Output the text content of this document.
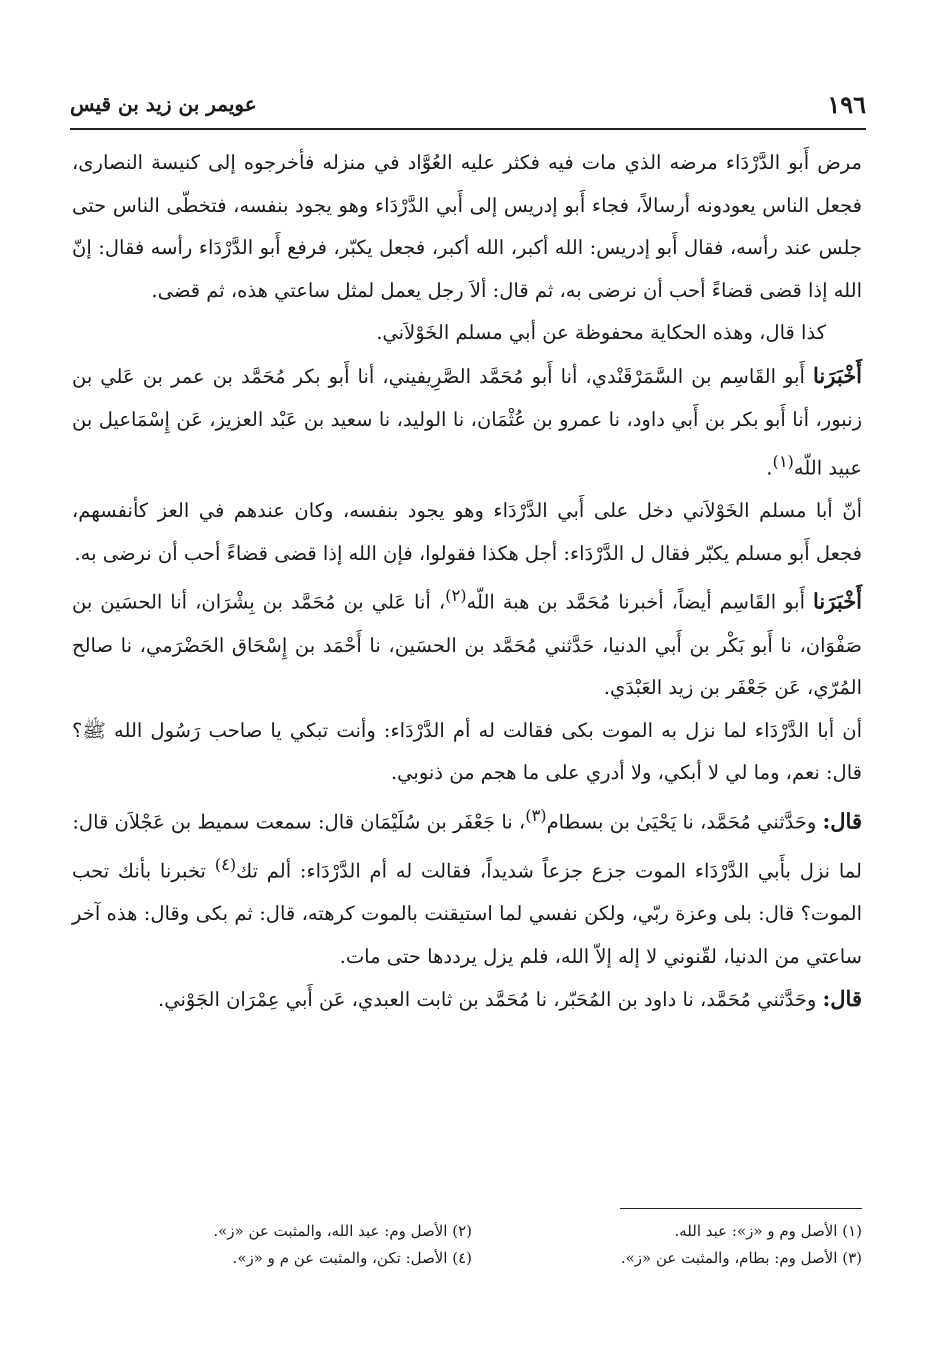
١٩٦
عويمر بن زيد بن قيس

مرض أَبو الدَّرْدَاء مرضه الذي مات فيه فكثر عليه العُوَّاد في منزله فأخرجوه إلى كنيسة النصارى، فجعل الناس يعودونه أرسالاً، فجاء أَبو إدريس إلى أَبي الدَّرْدَاء وهو يجود بنفسه، فتخطّى الناس حتى جلس عند رأسه، فقال أَبو إدريس: الله أكبر، الله أكبر، فجعل يكبّر، فرفع أَبو الدَّرْدَاء رأسه فقال: إنّ الله إذا قضى قضاءً أحب أن نرضى به، ثم قال: ألاَ رجل يعمل لمثل ساعتي هذه، ثم قضى.

كذا قال، وهذه الحكاية محفوظة عن أبي مسلم الخَوْلاَني.

أَخْبَرَنا أَبو القَاسِم بن السَّمَرْقَنْدي، أنا أَبو مُحَمَّد الصَّرِيفيني، أنا أَبو بكر مُحَمَّد بن عمر بن عَلي بن زنبور، أنا أَبو بكر بن أَبي داود، نا عمرو بن عُثْمَان، نا الوليد، نا سعيد بن عَبْد العزيز، عَن إِسْمَاعيل بن عبيد اللّه$^{(١)}$.

أنّ أبا مسلم الخَوْلاَني دخل على أَبي الدَّرْدَاء وهو يجود بنفسه، وكان عندهم في العز كأنفسهم، فجعل أَبو مسلم يكبّر فقال ل الدَّرْدَاء: أجل هكذا فقولوا، فإن الله إذا قضى قضاءً أحب أن نرضى به.

أَخْبَرَنا أَبو القَاسِم أيضاً، أخبرنا مُحَمَّد بن هبة اللّه$^{(٢)}$، أنا عَلي بن مُحَمَّد بن بِشْرَان، أنا الحسَين بن صَفْوَان، نا أَبو بَكْر بن أَبي الدنيا، حَدَّثني مُحَمَّد بن الحسَين، نا أَحْمَد بن إِسْحَاق الحَضْرَمي، نا صالح المُرّي، عَن جَعْفَر بن زيد العَبْدَي.

أن أبا الدَّرْدَاء لما نزل به الموت بكى فقالت له أم الدَّرْدَاء: وأنت تبكي يا صاحب رَسُول الله ﷺ؟ قال: نعم، وما لي لا أبكي، ولا أدري على ما هجم من ذنوبي.

قال: وحَدَّثني مُحَمَّد، نا يَحْيَىٰ بن بسطام$^{(٣)}$، نا جَعْفَر بن سُلَيْمَان قال: سمعت سميط بن عَجْلاَن قال:

لما نزل بأَبي الدَّرْدَاء الموت جزع جزعاً شديداً، فقالت له أم الدَّرْدَاء: ألم تك$^{(٤)}$ تخبرنا بأنك تحب الموت؟ قال: بلى وعزة ربّي، ولكن نفسي لما استيقنت بالموت كرهته، قال: ثم بكى وقال: هذه آخر ساعتي من الدنيا، لقّنوني لا إله إلاّ الله، فلم يزل يرددها حتى مات.

قال: وحَدَّثني مُحَمَّد، نا داود بن المُحَبّر، نا مُحَمَّد بن ثابت العبدي، عَن أَبي عِمْرَان الجَوْني.

(١) الأصل وم و «ز»: عبد الله.
(٢) الأصل وم: عبد الله، والمثبت عن «ز».
(٣) الأصل وم: بطام، والمثبت عن «ز».
(٤) الأصل: تكن، والمثبت عن م و «ز».
